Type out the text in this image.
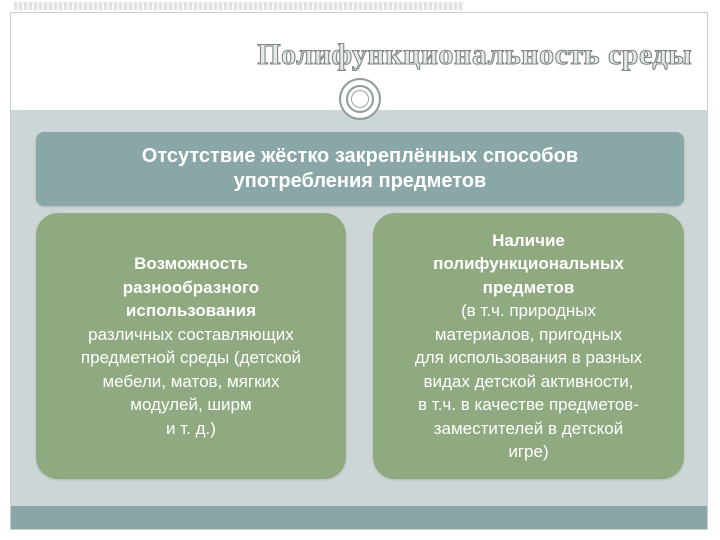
Полифункциональность среды
Отсутствие жёстко закреплённых способов употребления предметов
Возможность
разнообразного
использования
различных составляющих
предметной среды (детской
мебели, матов, мягких
модулей, ширм
и т. д.)
Наличие
полифункциональных
предметов
(в т.ч. природных
материалов, пригодных
для использования в разных
видах детской активности,
в т.ч. в качестве предметов-
заместителей в детской
игре)
